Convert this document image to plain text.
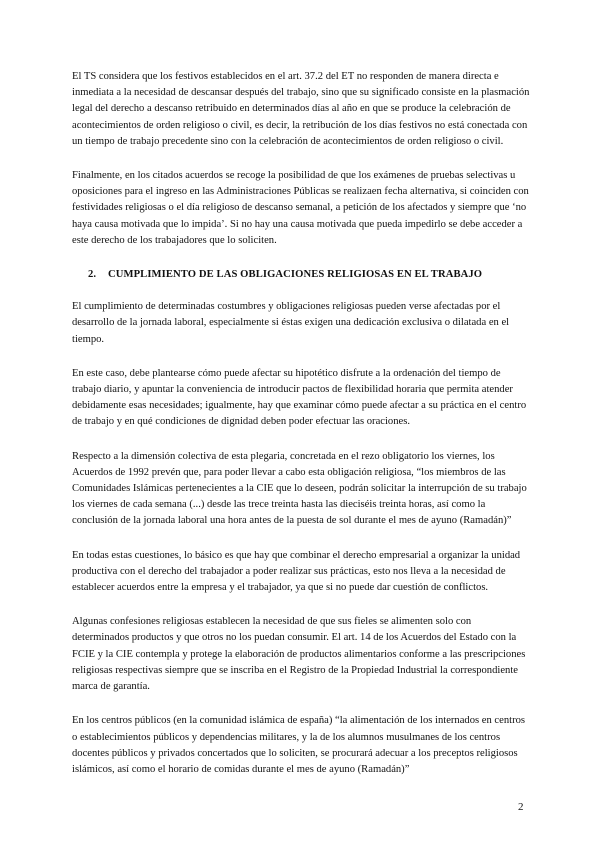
El TS considera que los festivos establecidos en el art. 37.2 del ET no responden de manera directa e inmediata a la necesidad de descansar después del trabajo, sino que su significado consiste en la plasmación legal del derecho a descanso retribuido en determinados días al año en que se produce la celebración de acontecimientos de orden religioso o civil, es decir, la retribución de los días festivos no está conectada con un tiempo de trabajo precedente sino con la celebración de acontecimientos de orden religioso o civil.

Finalmente, en los citados acuerdos se recoge la posibilidad de que los exámenes de pruebas selectivas u oposiciones para el ingreso en las Administraciones Públicas se realizaen fecha alternativa, si coinciden con festividades religiosas o el día religioso de descanso semanal, a petición de los afectados y siempre que ‘no haya causa motivada que lo impida’. Si no hay una causa motivada que pueda impedirlo se debe acceder a este derecho de los trabajadores que lo soliciten.

2. CUMPLIMIENTO DE LAS OBLIGACIONES RELIGIOSAS EN EL TRABAJO

El cumplimiento de determinadas costumbres y obligaciones religiosas pueden verse afectadas por el desarrollo de la jornada laboral, especialmente si éstas exigen una dedicación exclusiva o dilatada en el tiempo.

En este caso, debe plantearse cómo puede afectar su hipotético disfrute a la ordenación del tiempo de trabajo diario, y apuntar la conveniencia de introducir pactos de flexibilidad horaria que permita atender debidamente esas necesidades; igualmente, hay que examinar cómo puede afectar a su práctica en el centro de trabajo y en qué condiciones de dignidad deben poder efectuar las oraciones.

Respecto a la dimensión colectiva de esta plegaria, concretada en el rezo obligatorio los viernes, los Acuerdos de 1992 prevén que, para poder llevar a cabo esta obligación religiosa, “los miembros de las Comunidades Islámicas pertenecientes a la CIE que lo deseen, podrán solicitar la interrupción de su trabajo los viernes de cada semana (...) desde las trece treinta hasta las dieciséis treinta horas, así como la conclusión de la jornada laboral una hora antes de la puesta de sol durante el mes de ayuno (Ramadán)”

En todas estas cuestiones, lo básico es que hay que combinar el derecho empresarial a organizar la unidad productiva con el derecho del trabajador a poder realizar sus prácticas, esto nos lleva a la necesidad de establecer acuerdos entre la empresa y el trabajador, ya que si no puede dar cuestión de conflictos.

Algunas confesiones religiosas establecen la necesidad de que sus fieles se alimenten solo con determinados productos y que otros no los puedan consumir. El art. 14 de los Acuerdos del Estado con la FCIE y la CIE contempla y protege la elaboración de productos alimentarios conforme a las prescripciones religiosas respectivas siempre que se inscriba en el Registro de la Propiedad Industrial la correspondiente marca de garantía.

En los centros públicos (en la comunidad islámica de españa) “la alimentación de los internados en centros o establecimientos públicos y dependencias militares, y la de los alumnos musulmanes de los centros docentes públicos y privados concertados que lo soliciten, se procurará adecuar a los preceptos religiosos islámicos, así como el horario de comidas durante el mes de ayuno (Ramadán)”

2
